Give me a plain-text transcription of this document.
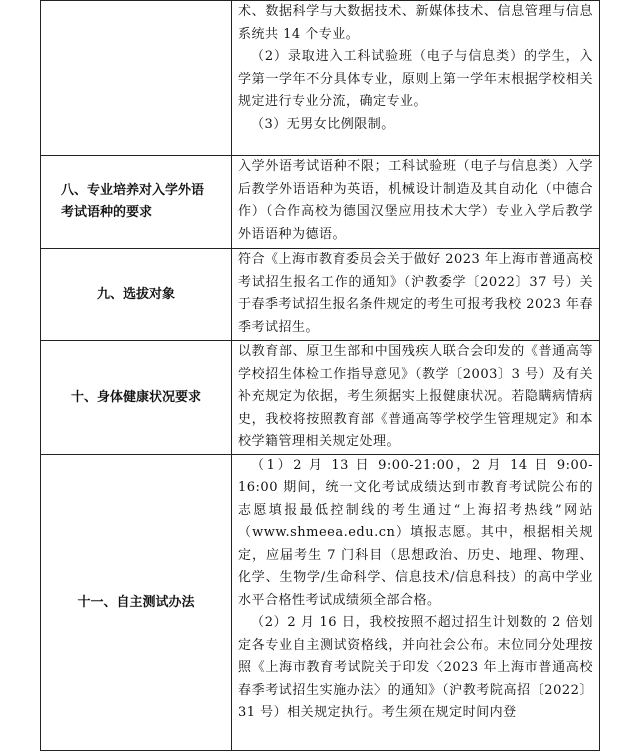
	术、数据科学与大数据技术、新媒体技术、信息管理与信息系统共 14 个专业。

（2）录取进入工科试验班（电子与信息类）的学生，入学第一学年不分具体专业，原则上第一学年末根据学校相关规定进行专业分流，确定专业。

（3）无男女比例限制。

八、专业培养对入学外语考试语种的要求	入学外语考试语种不限；工科试验班（电子与信息类）入学后教学外语语种为英语，机械设计制造及其自动化（中德合作）（合作高校为德国汉堡应用技术大学）专业入学后教学外语语种为德语。

九、选拔对象	符合《上海市教育委员会关于做好 2023 年上海市普通高校考试招生报名工作的通知》（沪教委学〔2022〕37 号）关于春季考试招生报名条件规定的考生可报考我校 2023 年春季考试招生。

十、身体健康状况要求	以教育部、原卫生部和中国残疾人联合会印发的《普通高等学校招生体检工作指导意见》（教学〔2003〕3 号）及有关补充规定为依据，考生须据实上报健康状况。若隐瞒病情病史，我校将按照教育部《普通高等学校学生管理规定》和本校学籍管理相关规定处理。

十一、自主测试办法	（1）2 月 13 日 9:00-21:00，2 月 14 日 9:00-16:00 期间，统一文化考试成绩达到市教育考试院公布的志愿填报最低控制线的考生通过“上海招考热线”网站（www.shmeea.edu.cn）填报志愿。其中，根据相关规定，应届考生 7 门科目（思想政治、历史、地理、物理、化学、生物学/生命科学、信息技术/信息科技）的高中学业水平合格性考试成绩须全部合格。

（2）2 月 16 日，我校按照不超过招生计划数的 2 倍划定各专业自主测试资格线，并向社会公布。末位同分处理按照《上海市教育考试院关于印发〈2023 年上海市普通高校春季考试招生实施办法〉的通知》（沪教考院高招〔2022〕31 号）相关规定执行。考生须在规定时间内登
